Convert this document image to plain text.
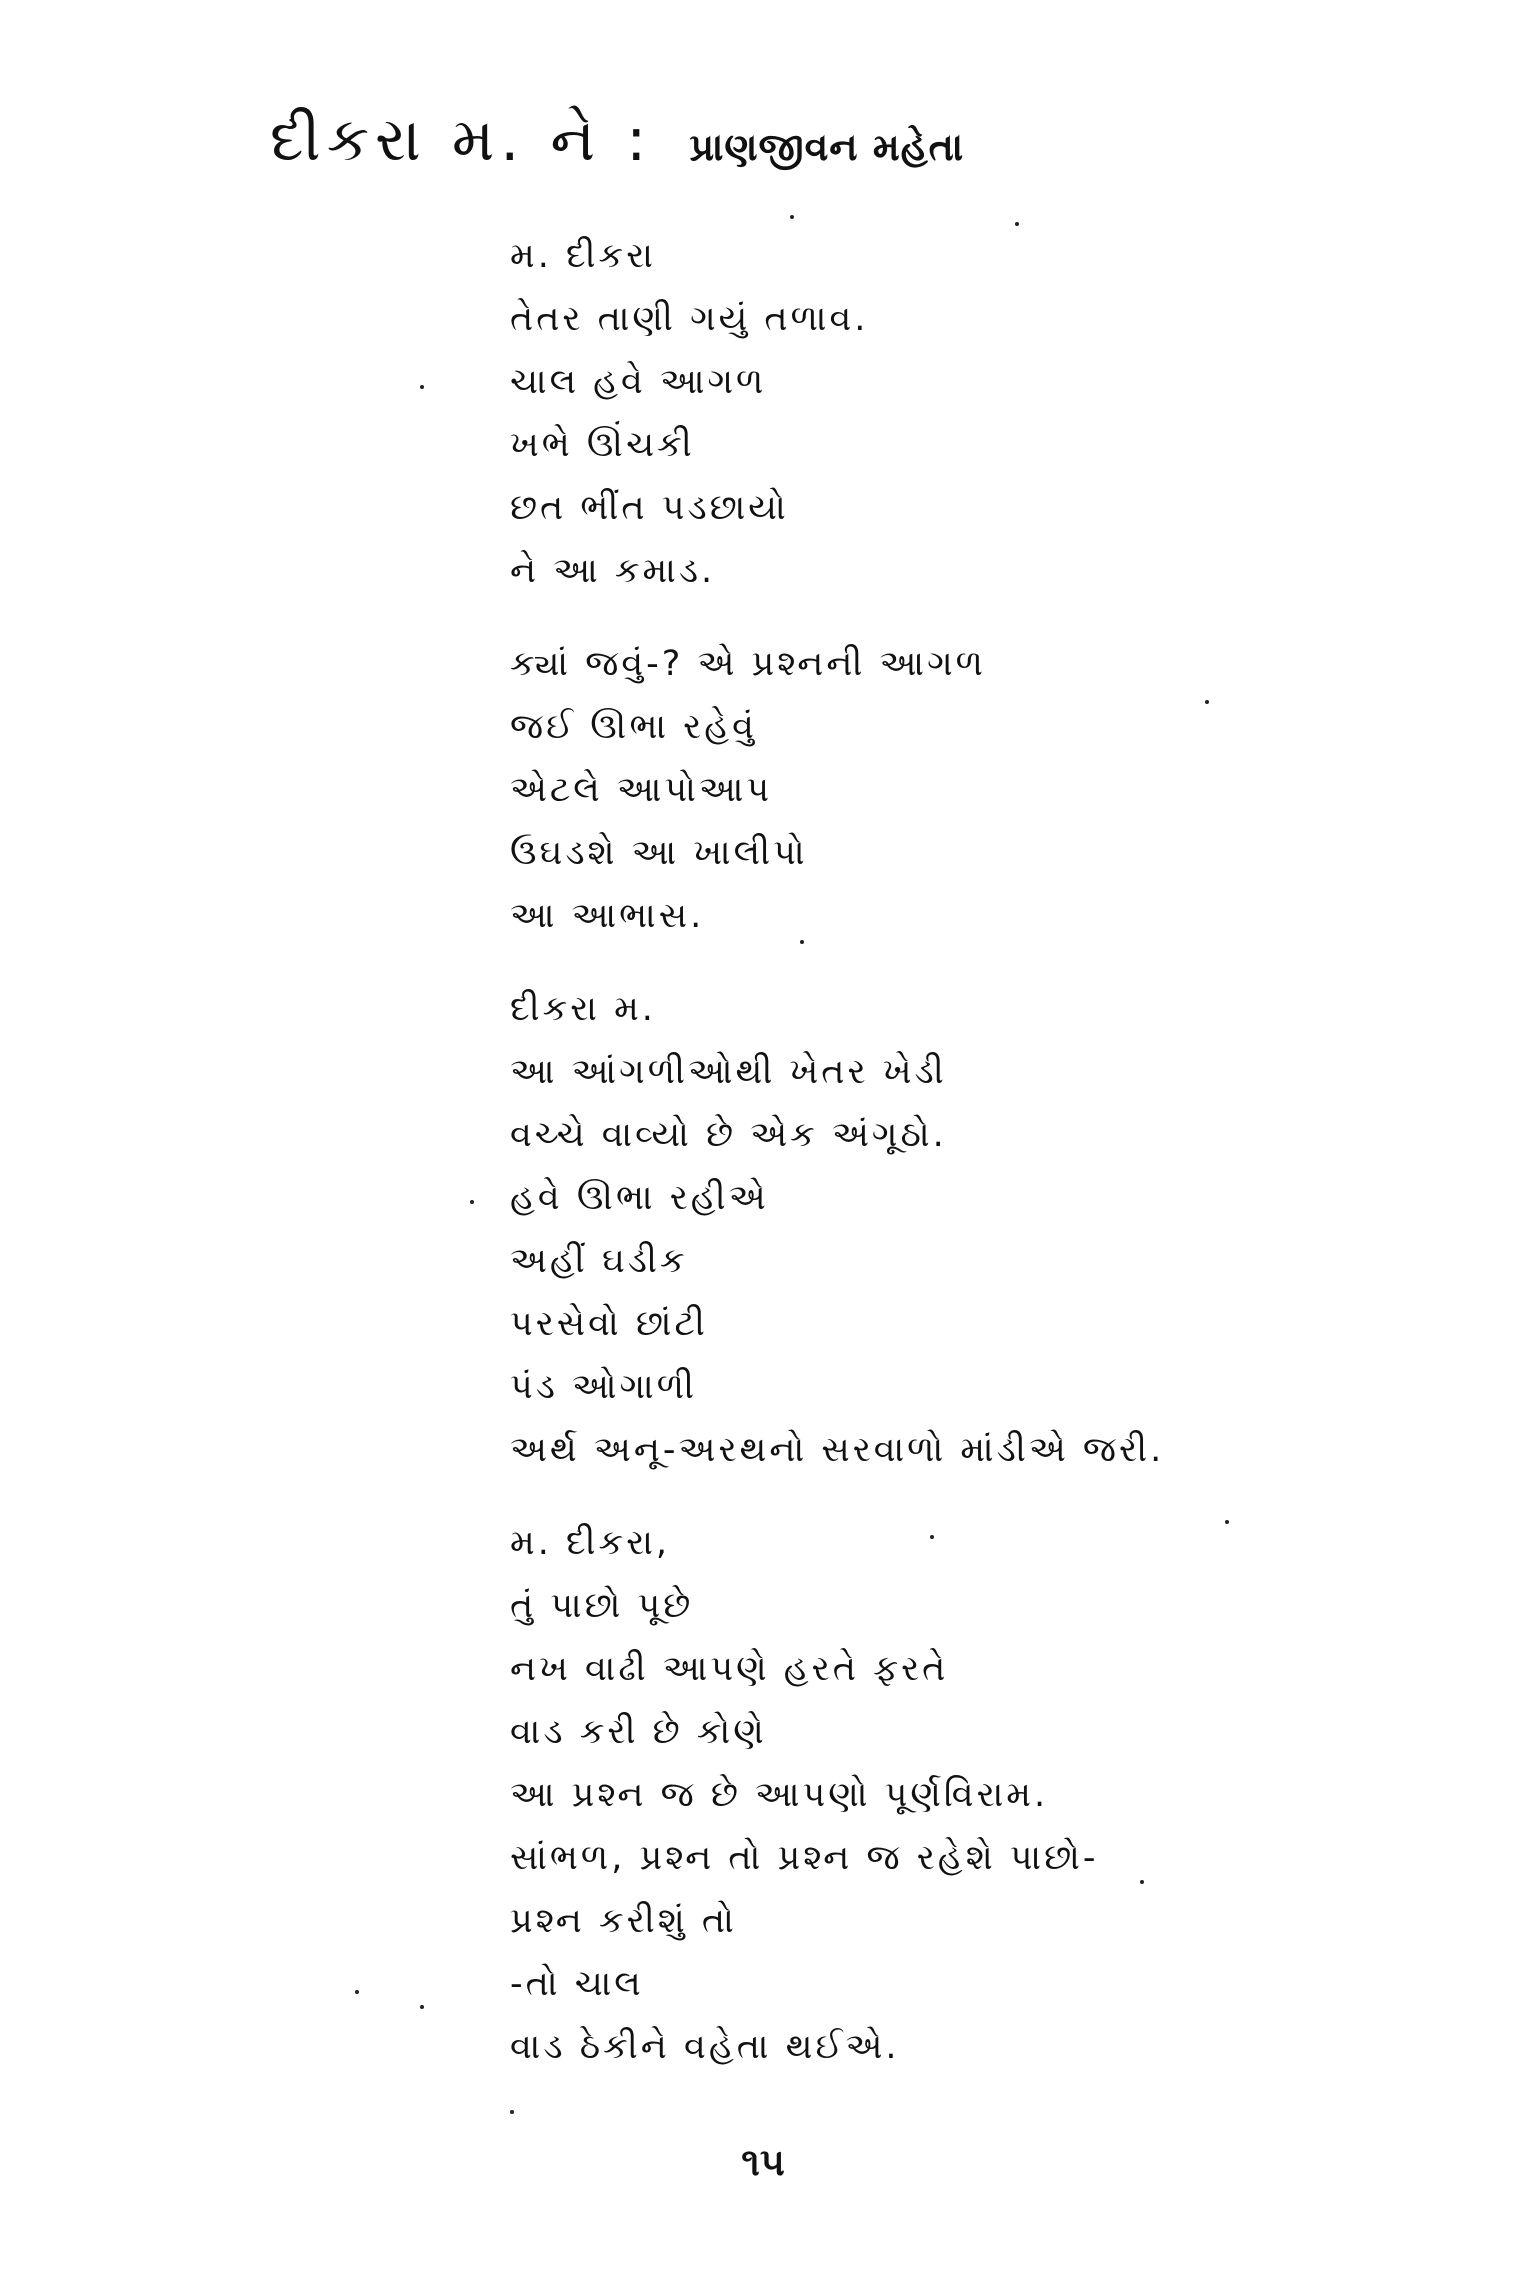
દીકરા મ. ને : પ્રાણજીવન મહેતા
મ. દીકરા
તેતર તાણી ગયું તળાવ.
ચાલ હવે આગળ
ખભે ઊંચકી
છત ભીંત પડછાયો
ને આ કમાડ.
ક્યાં જવું-? એ પ્રશ્નની આગળ
જઈ ઊભા રહેવું
એટલે આપોઆપ
ઉઘડશે આ ખાલીપો
આ આભાસ.
દીકરા મ.
આ આંગળીઓથી ખેતર ખેડી
વચ્ચે વાવ્યો છે એક અંગૂઠો.
હવે ઊભા રહીએ
અહીં ઘડીક
પરસેવો છાંટી
પંડ ઓગાળી
અર્થ અનૂ-અરથનો સરવાળો માંડીએ જરી.
મ. દીકરા,
તું પાછો પૂછે
નખ વાઢી આપણે હરતે ફરતે
વાડ કરી છે કોણે
આ પ્રશ્ન જ છે આપણો પૂર્ણવિરામ.
સાંભળ, પ્રશ્ન તો પ્રશ્ન જ રહેશે પાછો-
પ્રશ્ન કરીશું તો
-તો ચાલ
વાડ ઠેકીને વહેતા થઈએ.
૧૫
